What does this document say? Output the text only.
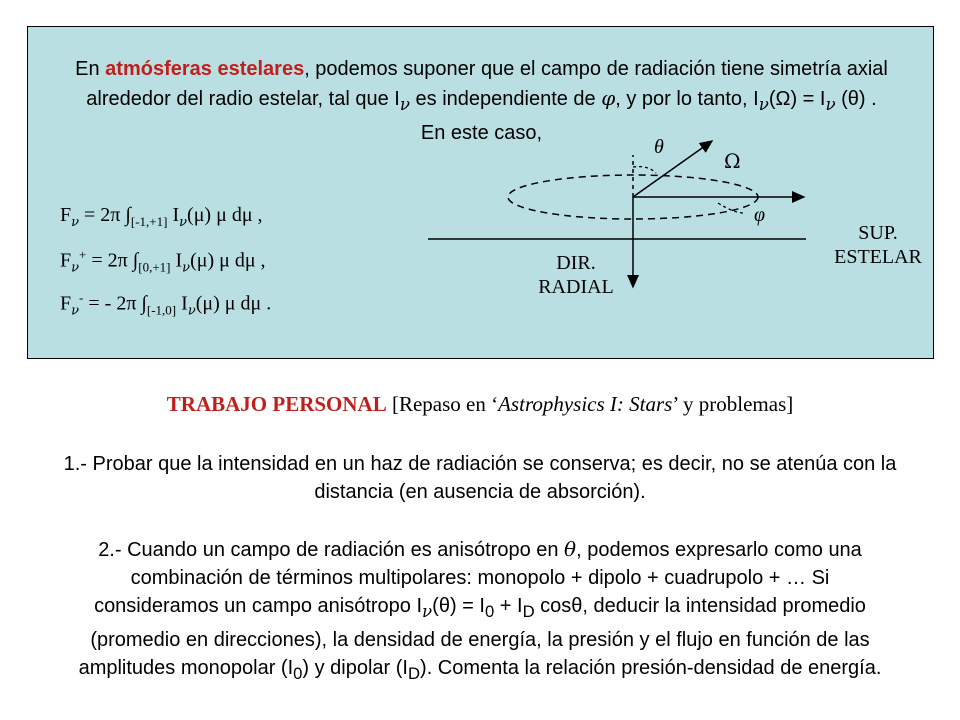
En atmósferas estelares, podemos suponer que el campo de radiación tiene simetría axial
alrededor del radio estelar, tal que $I_\nu$ es independiente de φ, y por lo tanto, $I_\nu(\Omega) = I_\nu$ (θ) .
En este caso,
$F_\nu = 2\pi$ $\int_{[-1,+1]}$ $I_\nu(\mu)$ μ dμ ,
$F_\nu^+ = 2\pi$ $\int_{[0,+1]}$ $I_\nu(\mu)$ μ dμ ,
$F_\nu^-$ = - 2π $\int_{[-1,0]}$ $I_\nu(\mu)$ μ dμ .
θ
Ω
φ
DIR.
RADIAL
SUP.
ESTELAR
TRABAJO PERSONAL [Repaso en ‘Astrophysics I: Stars’ y problemas]
1.- Probar que la intensidad en un haz de radiación se conserva; es decir, no se atenúa con la
distancia (en ausencia de absorción).
2.- Cuando un campo de radiación es anisótropo en θ, podemos expresarlo como una
combinación de términos multipolares: monopolo + dipolo + cuadrupolo + … Si
consideramos un campo anisótropo $I_\nu(\theta) = I_0 + I_D$ cosθ, deducir la intensidad promedio
(promedio en direcciones), la densidad de energía, la presión y el flujo en función de las
amplitudes monopolar $(I_0)$ y dipolar $(I_D)$. Comenta la relación presión-densidad de energía.
